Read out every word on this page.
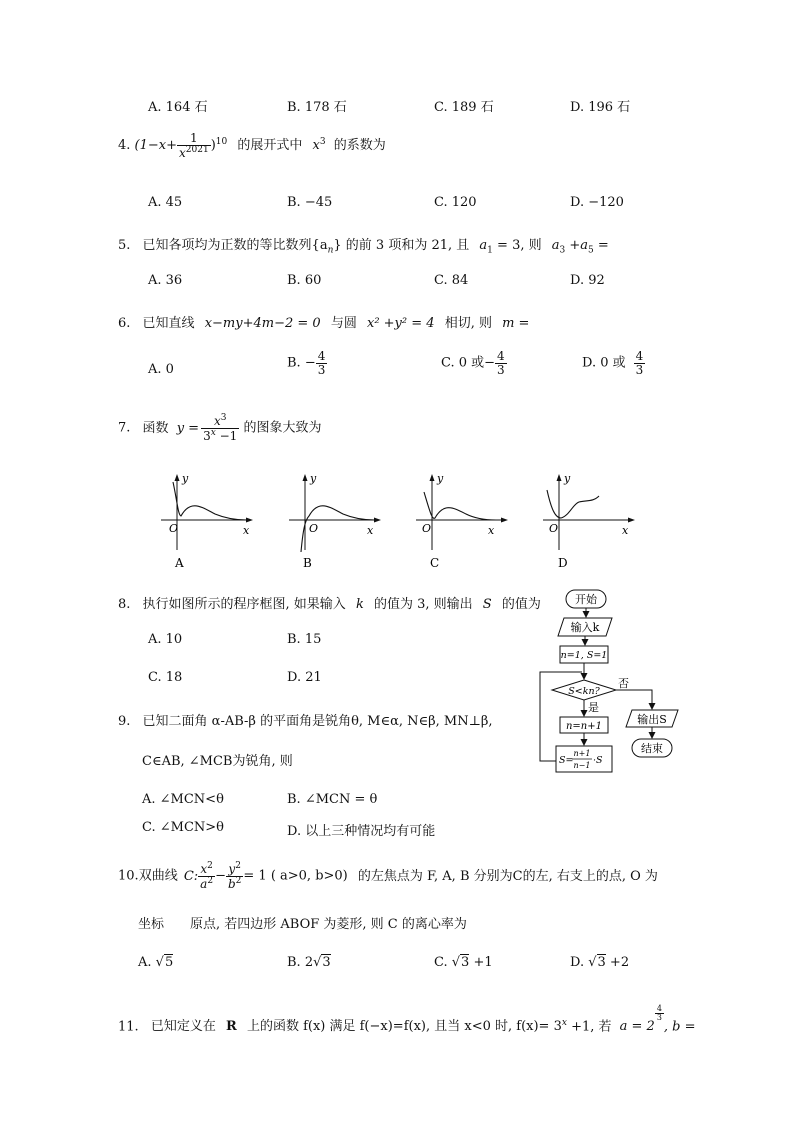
A. 164 石	B. 178 石	C. 189 石	D. 196 石
4. $(1-x+ \frac{1}{x^{2021}} )^{10}$ 的展开式中 $x^3$ 的系数为
A. 45	B. −45	C. 120	D. −120
5. 已知各项均为正数的等比数列$\{a_n\}$ 的前 3 项和为 21, 且 $a_1 = 3$, 则 $a_3 +a_5$ =
A. 36	B. 60	C. 84	D. 92
6. 已知直线 x−my+4m−2 = 0 与圆 x² +y² = 4 相切, 则 m =
A. 0	B. − $\frac{4}{3}$	C. 0 或− $\frac{4}{3}$	D. 0 或 $\frac{4}{3}$
7. 函数 $y = \frac{x^3}{3^x -1}$ 的图象大致为
O
y
x
A
O
y
x
B
O
y
x
C
O
y
x
D
8. 执行如图所示的程序框图, 如果输入 k 的值为 3, 则输出 S 的值为
A. 10	B. 15
C. 18	D. 21
开始
输入k
n=1, S=1
S<kn?
否
是
n=n+1
S=
n+1
n−1 ·S
输出S
结束
9. 已知二面角 α-AB-β 的平面角是锐角θ, M∈α, N∈β, MN⊥β,
C∈AB, ∠MCB为锐角, 则
A. ∠MCN<θ	B. ∠MCN = θ
C. ∠MCN>θ	D. 以上三种情况均有可能
10.双曲线 C: $\frac{x^2}{a^2} - \frac{y^2}{b^2} = 1$ ( a>0, b>0) 的左焦点为 F, A, B 分别为C的左, 右支上的点, O 为
坐标 原点, 若四边形 ABOF 为菱形, 则 C 的离心率为
A. √5	B. 2√3	C. √3 +1	D. √3 +2
11. 已知定义在 R 上的函数 f(x) 满足 f(−x)=f(x), 且当 x<0 时, $f(x)= 3^x +1$, 若 a = 2
$\frac{4}{3}$
, b =
